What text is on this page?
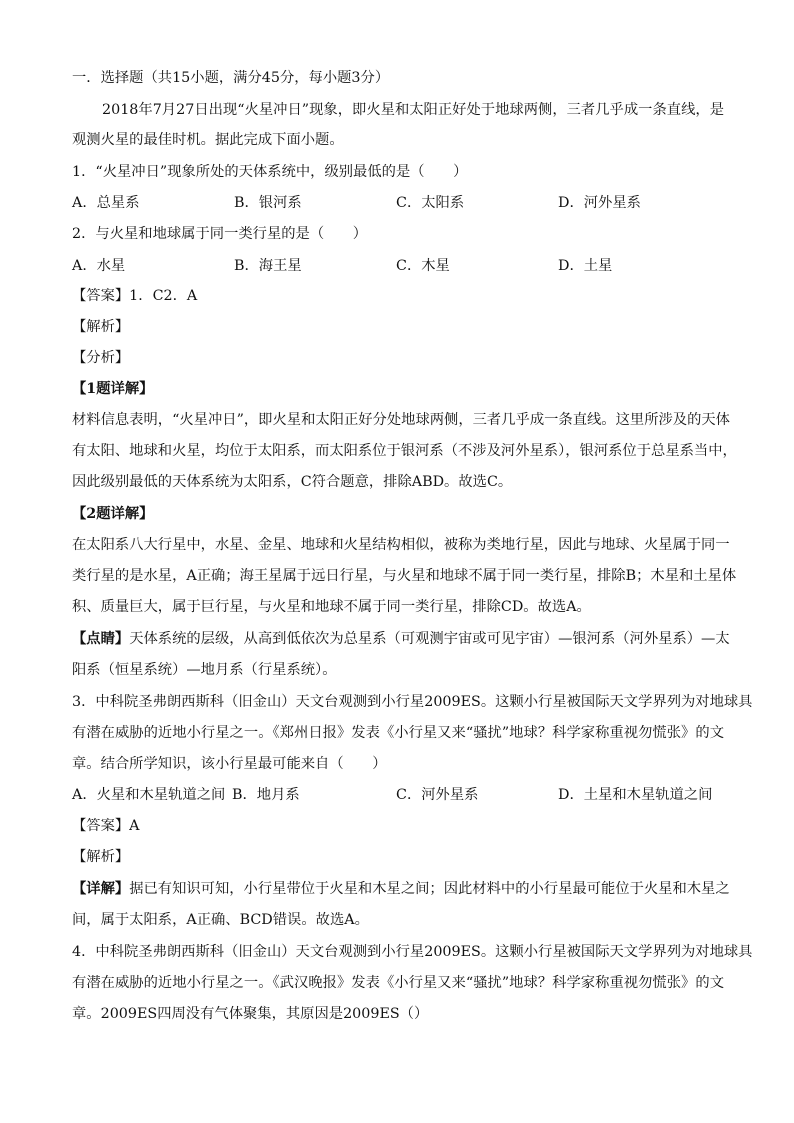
一．选择题（共15小题，满分45分，每小题3分）
2018年7月27日出现“火星冲日”现象，即火星和太阳正好处于地球两侧，三者几乎成一条直线，是
观测火星的最佳时机。据此完成下面小题。
1．“火星冲日”现象所处的天体系统中，级别最低的是（　　）
A．总星系	B．银河系	C．太阳系	D．河外星系
2．与火星和地球属于同一类行星的是（　　）
A．水星	B．海王星	C．木星	D．土星
【答案】1．C2．A
【解析】
【分析】
【1题详解】
材料信息表明，“火星冲日”，即火星和太阳正好分处地球两侧，三者几乎成一条直线。这里所涉及的天体
有太阳、地球和火星，均位于太阳系，而太阳系位于银河系（不涉及河外星系），银河系位于总星系当中，
因此级别最低的天体系统为太阳系，C符合题意，排除ABD。故选C。
【2题详解】
在太阳系八大行星中，水星、金星、地球和火星结构相似，被称为类地行星，因此与地球、火星属于同一
类行星的是水星，A正确；海王星属于远日行星，与火星和地球不属于同一类行星，排除B；木星和土星体
积、质量巨大，属于巨行星，与火星和地球不属于同一类行星，排除CD。故选A。
【点睛】天体系统的层级，从高到低依次为总星系（可观测宇宙或可见宇宙）—银河系（河外星系）—太
阳系（恒星系统）—地月系（行星系统）。
3．中科院圣弗朗西斯科（旧金山）天文台观测到小行星2009ES。这颗小行星被国际天文学界列为对地球具
有潜在威胁的近地小行星之一。《郑州日报》发表《小行星又来“骚扰”地球？科学家称重视勿慌张》的文
章。结合所学知识，该小行星最可能来自（　　）
A．火星和木星轨道之间 B．地月系	C．河外星系	D．土星和木星轨道之间
【答案】A
【解析】
【详解】据已有知识可知，小行星带位于火星和木星之间；因此材料中的小行星最可能位于火星和木星之
间，属于太阳系，A正确、BCD错误。故选A。
4．中科院圣弗朗西斯科（旧金山）天文台观测到小行星2009ES。这颗小行星被国际天文学界列为对地球具
有潜在威胁的近地小行星之一。《武汉晚报》发表《小行星又来“骚扰”地球？科学家称重视勿慌张》的文
章。2009ES四周没有气体聚集，其原因是2009ES（）
